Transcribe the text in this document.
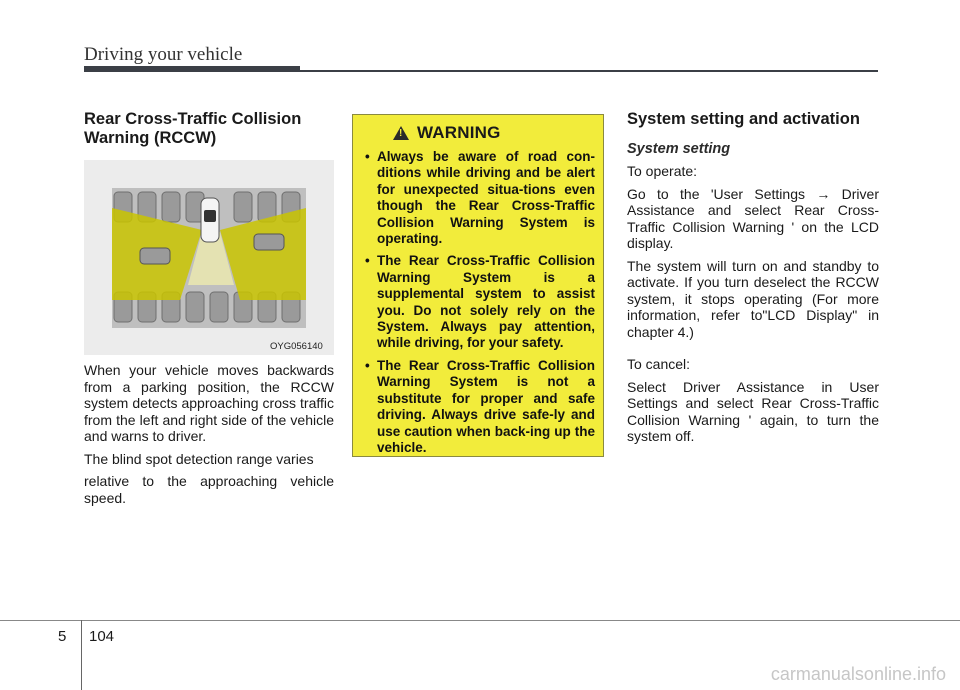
Driving your vehicle
Rear Cross-Traffic Collision Warning (RCCW)

When your vehicle moves backwards from a parking position, the RCCW system detects approaching cross traffic from the left and right side of the vehicle and warns to driver.

The blind spot detection range varies

relative to the approaching vehicle speed.

OYG056140
! WARNING
• Always be aware of road con-ditions while driving and be alert for unexpected situa-tions even though the Rear Cross-Traffic Collision Warning System is operating.
• The Rear Cross-Traffic Collision Warning System is a supplemental system to assist you. Do not solely rely on the System. Always pay attention, while driving, for your safety.
• The Rear Cross-Traffic Collision Warning System is not a substitute for proper and safe driving. Always drive safe-ly and use caution when back-ing up the vehicle.
System setting and activation
System setting

To operate:

Go to the 'User Settings → Driver Assistance and select Rear Cross-Traffic Collision Warning ' on the LCD display.

The system will turn on and standby to activate. If you turn deselect the RCCW system, it stops operating (For more information, refer to"LCD Display" in chapter 4.)

To cancel:

Select Driver Assistance in User Settings and select Rear Cross-Traffic Collision Warning ' again, to turn the system off.

5 104
carmanualsonline.info
